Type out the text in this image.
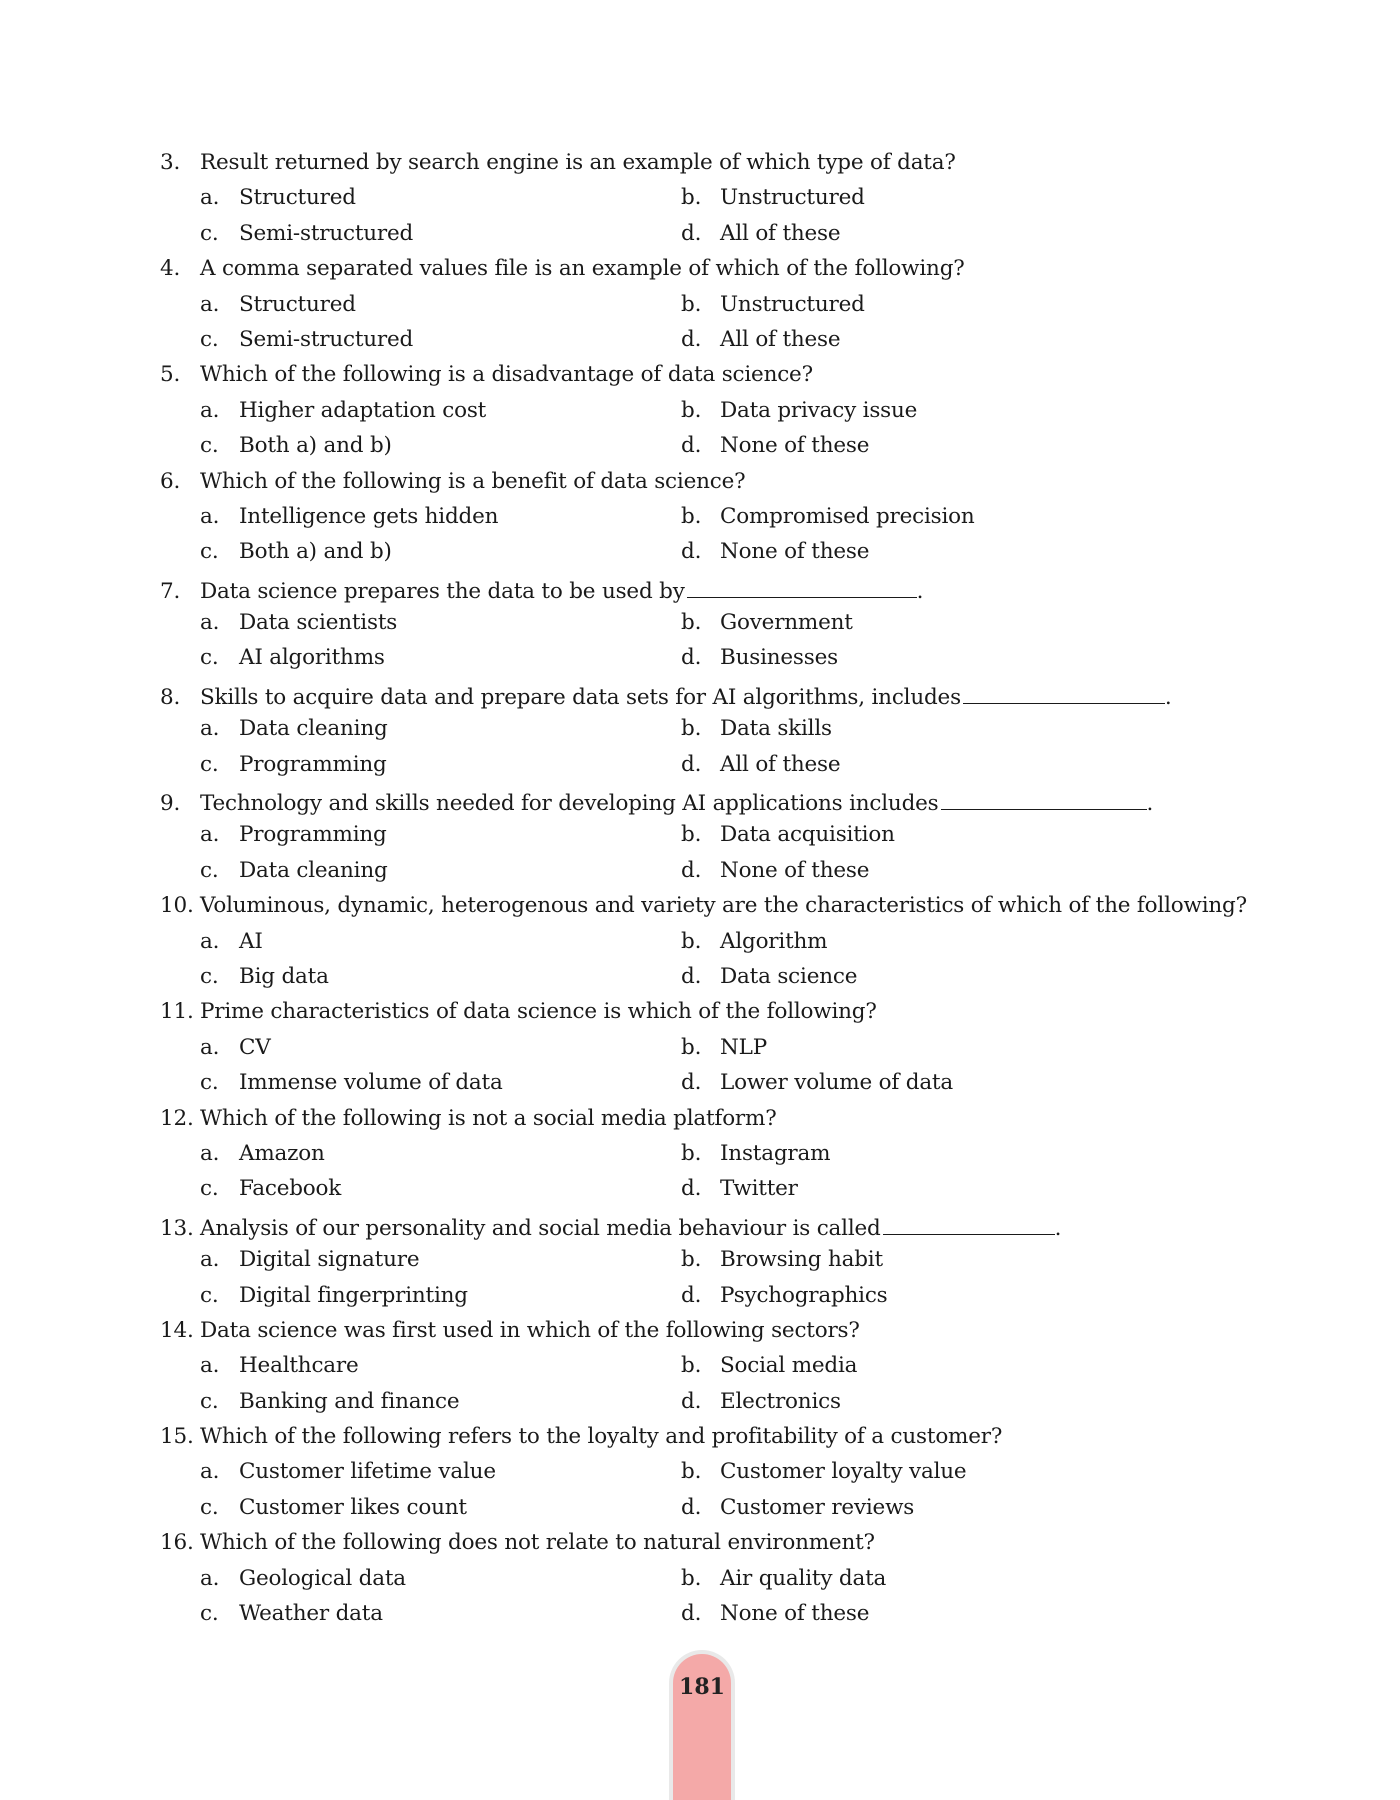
3. Result returned by search engine is an example of which type of data?
a. Structured	b. Unstructured
c. Semi-structured	d. All of these
4. A comma separated values file is an example of which of the following?
a. Structured	b. Unstructured
c. Semi-structured	d. All of these
5. Which of the following is a disadvantage of data science?
a. Higher adaptation cost	b. Data privacy issue
c. Both a) and b)	d. None of these
6. Which of the following is a benefit of data science?
a. Intelligence gets hidden	b. Compromised precision
c. Both a) and b)	d. None of these
7. Data science prepares the data to be used by	.
a. Data scientists	b. Government
c. AI algorithms	d. Businesses
8. Skills to acquire data and prepare data sets for AI algorithms, includes	.
a. Data cleaning	b. Data skills
c. Programming	d. All of these
9. Technology and skills needed for developing AI applications includes	.
a. Programming	b. Data acquisition
c. Data cleaning	d. None of these
10. Voluminous, dynamic, heterogenous and variety are the characteristics of which of the following?
a. AI	b. Algorithm
c. Big data	d. Data science
11. Prime characteristics of data science is which of the following?
a. CV	b. NLP
c. Immense volume of data	d. Lower volume of data
12. Which of the following is not a social media platform?
a. Amazon	b. Instagram
c. Facebook	d. Twitter
13. Analysis of our personality and social media behaviour is called	.
a. Digital signature	b. Browsing habit
c. Digital fingerprinting	d. Psychographics
14. Data science was first used in which of the following sectors?
a. Healthcare	b. Social media
c. Banking and finance	d. Electronics
15. Which of the following refers to the loyalty and profitability of a customer?
a. Customer lifetime value	b. Customer loyalty value
c. Customer likes count	d. Customer reviews
16. Which of the following does not relate to natural environment?
a. Geological data	b. Air quality data
c. Weather data	d. None of these
181
